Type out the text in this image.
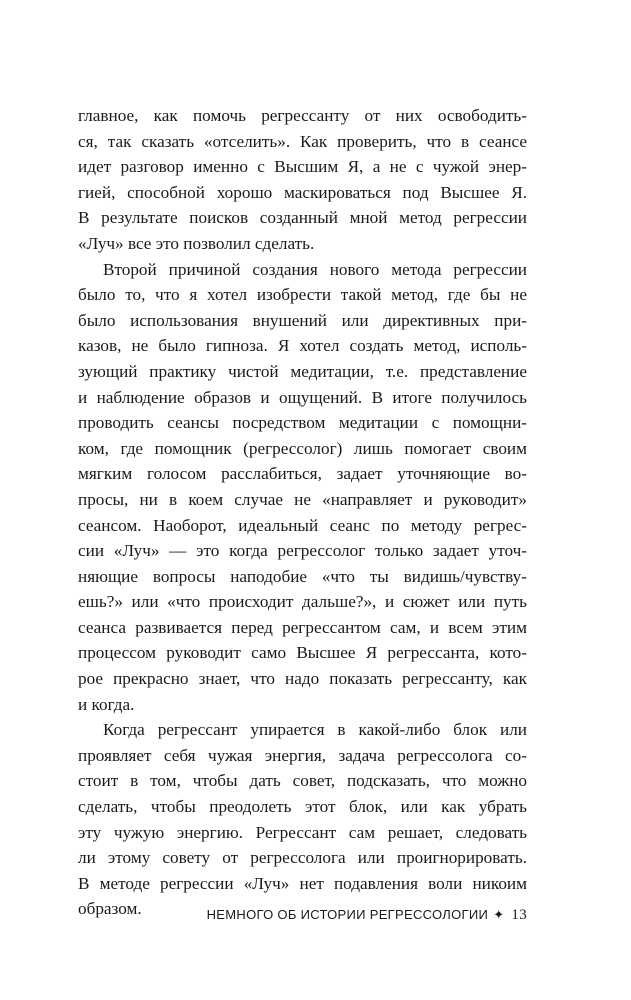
главное, как помочь регрессанту от них освободить-
ся, так сказать «отселить». Как проверить, что в сеансе
идет разговор именно с Высшим Я, а не с чужой энер-
гией, способной хорошо маскироваться под Высшее Я.
В результате поисков созданный мной метод регрессии
«Луч» все это позволил сделать.

Второй причиной создания нового метода регрессии
было то, что я хотел изобрести такой метод, где бы не
было использования внушений или директивных при-
казов, не было гипноза. Я хотел создать метод, исполь-
зующий практику чистой медитации, т.е. представление
и наблюдение образов и ощущений. В итоге получилось
проводить сеансы посредством медитации с помощни-
ком, где помощник (регрессолог) лишь помогает своим
мягким голосом расслабиться, задает уточняющие во-
просы, ни в коем случае не «направляет и руководит»
сеансом. Наоборот, идеальный сеанс по методу регрес-
сии «Луч» — это когда регрессолог только задает уточ-
няющие вопросы наподобие «что ты видишь/чувству-
ешь?» или «что происходит дальше?», и сюжет или путь
сеанса развивается перед регрессантом сам, и всем этим
процессом руководит само Высшее Я регрессанта, кото-
рое прекрасно знает, что надо показать регрессанту, как
и когда.

Когда регрессант упирается в какой-либо блок или
проявляет себя чужая энергия, задача регрессолога со-
стоит в том, чтобы дать совет, подсказать, что можно
сделать, чтобы преодолеть этот блок, или как убрать
эту чужую энергию. Регрессант сам решает, следовать
ли этому совету от регрессолога или проигнорировать.
В методе регрессии «Луч» нет подавления воли никоим
образом.	НЕМНОГО ОБ ИСТОРИИ РЕГРЕССОЛОГИИ ✦ 13
